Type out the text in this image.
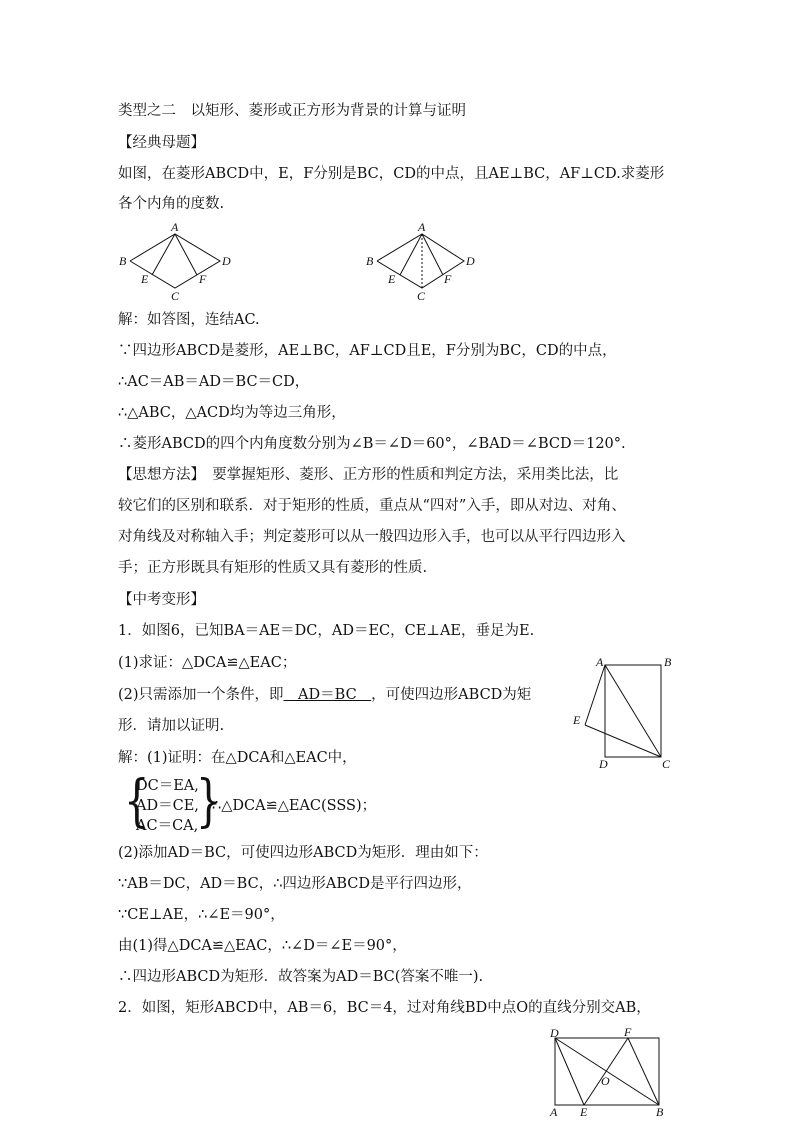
类型之二　以矩形、菱形或正方形为背景的计算与证明

【经典母题】

如图，在菱形ABCD中，E，F分别是BC，CD的中点，且AE⊥BC，AF⊥CD.求菱形

各个内角的度数.

A
B
C
D
E	F
A
B
C
D
E	F

解：如答图，连结AC.

∵四边形ABCD是菱形，AE⊥BC，AF⊥CD且E，F分别为BC，CD的中点，

∴AC＝AB＝AD＝BC＝CD，

∴△ABC，△ACD均为等边三角形，

∴菱形ABCD的四个内角度数分别为∠B＝∠D＝60°，∠BAD＝∠BCD＝120°.

【思想方法】　要掌握矩形、菱形、正方形的性质和判定方法，采用类比法，比

较它们的区别和联系．对于矩形的性质，重点从“四对”入手，即从对边、对角、

对角线及对称轴入手；判定菱形可以从一般四边形入手，也可以从平行四边形入

手；正方形既具有矩形的性质又具有菱形的性质.

【中考变形】

1．如图6，已知BA＝AE＝DC，AD＝EC，CE⊥AE，垂足为E.

(1)求证：△DCA≌△EAC；

(2)只需添加一个条件，即　AD＝BC　，可使四边形ABCD为矩

形．请加以证明.

A	B
C
D
E

解：(1)证明：在△DCA和△EAC中，

{

DC＝EA,

AD＝CE,

AC＝CA,

}

∴△DCA≌△EAC(SSS)；

(2)添加AD＝BC，可使四边形ABCD为矩形．理由如下：

∵AB＝DC，AD＝BC，∴四边形ABCD是平行四边形，

∵CE⊥AE，∴∠E＝90°，

由(1)得△DCA≌△EAC，∴∠D＝∠E＝90°，

∴四边形ABCD为矩形．故答案为AD＝BC(答案不唯一).

2．如图，矩形ABCD中，AB＝6，BC＝4，过对角线BD中点O的直线分别交AB，

D	F
O
A E	B
